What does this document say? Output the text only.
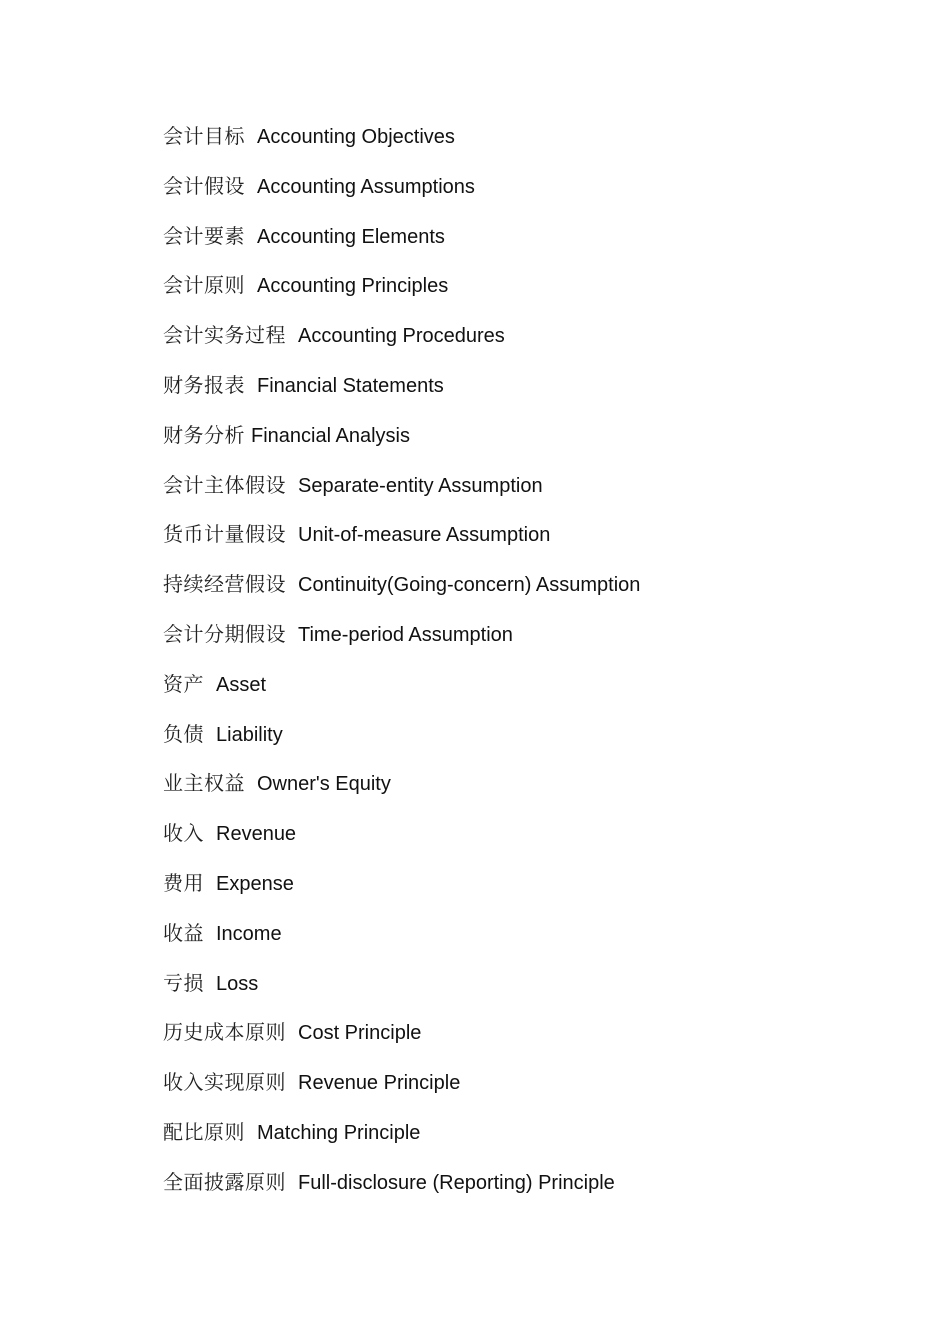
会计目标 Accounting Objectives
会计假设 Accounting Assumptions
会计要素 Accounting Elements
会计原则 Accounting Principles
会计实务过程 Accounting Procedures
财务报表 Financial Statements
财务分析 Financial Analysis
会计主体假设 Separate-entity Assumption
货币计量假设 Unit-of-measure Assumption
持续经营假设 Continuity(Going-concern) Assumption
会计分期假设 Time-period Assumption
资产 Asset
负债 Liability
业主权益 Owner's Equity
收入 Revenue
费用 Expense
收益 Income
亏损 Loss
历史成本原则 Cost Principle
收入实现原则 Revenue Principle
配比原则 Matching Principle
全面披露原则 Full-disclosure (Reporting) Principle
